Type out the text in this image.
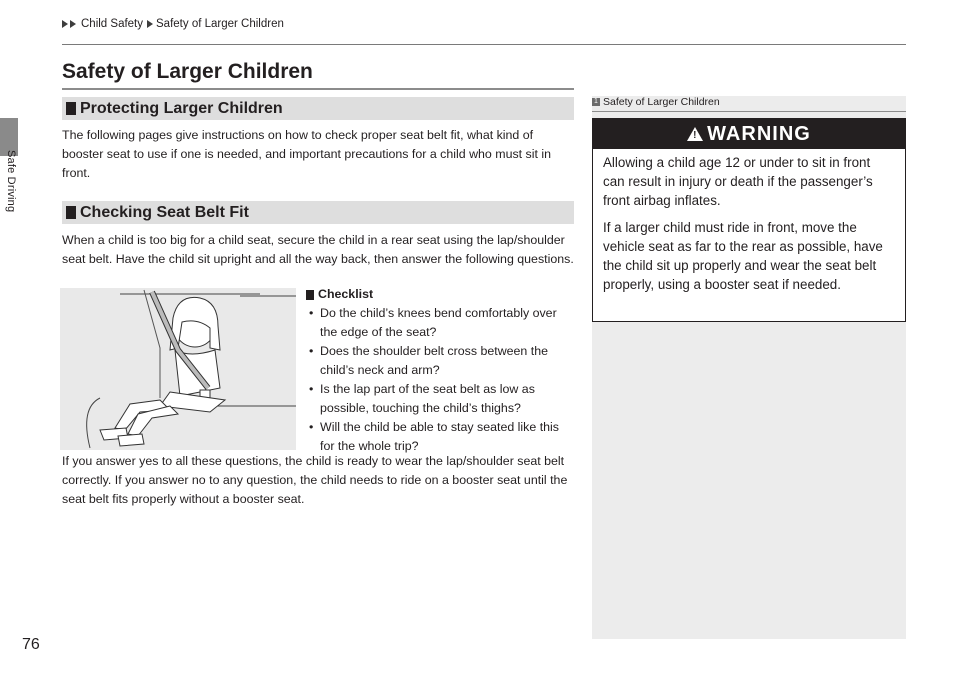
Safe Driving
76
Child Safety Safety of Larger Children
Safety of Larger Children
Protecting Larger Children
The following pages give instructions on how to check proper seat belt fit, what kind of booster seat to use if one is needed, and important precautions for a child who must sit in front.
Checking Seat Belt Fit
When a child is too big for a child seat, secure the child in a rear seat using the lap/shoulder seat belt. Have the child sit upright and all the way back, then answer the following questions.
Checklist
• Do the child’s knees bend comfortably over the edge of the seat?
• Does the shoulder belt cross between the child’s neck and arm?
• Is the lap part of the seat belt as low as possible, touching the child’s thighs?
• Will the child be able to stay seated like this for the whole trip?
If you answer yes to all these questions, the child is ready to wear the lap/shoulder seat belt correctly. If you answer no to any question, the child needs to ride on a booster seat until the seat belt fits properly without a booster seat.
1 Safety of Larger Children
! WARNING

Allowing a child age 12 or under to sit in front can result in injury or death if the passenger’s front airbag inflates.

If a larger child must ride in front, move the vehicle seat as far to the rear as possible, have the child sit up properly and wear the seat belt properly, using a booster seat if needed.
